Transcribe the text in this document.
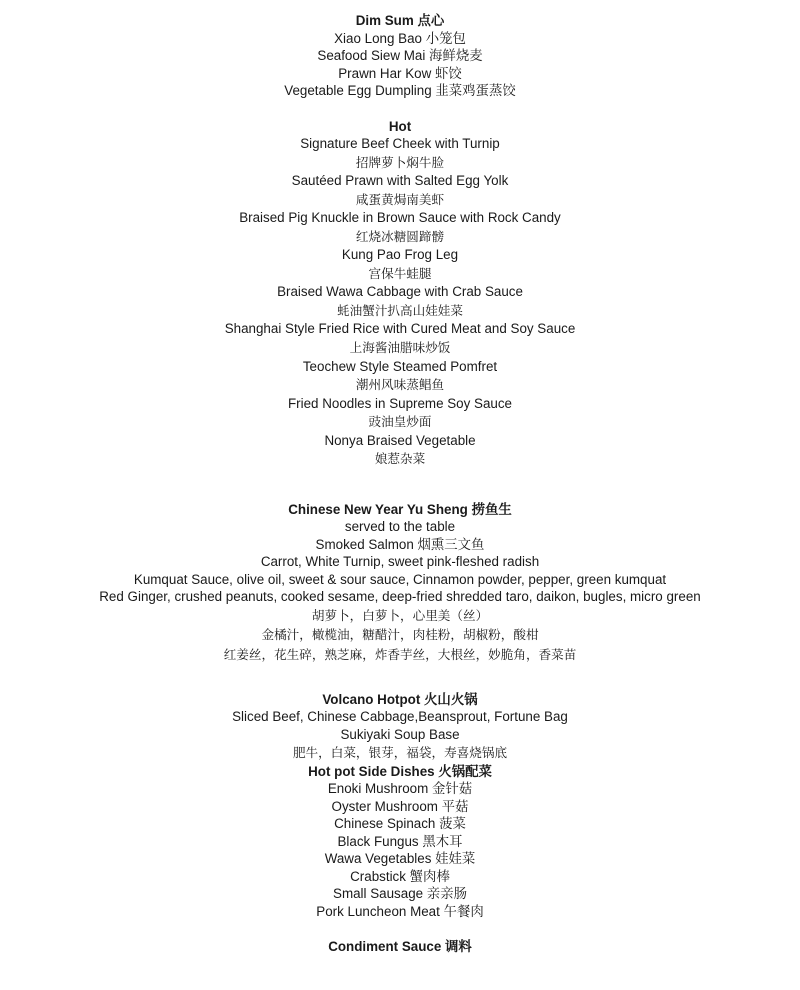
Dim Sum 点心
Xiao Long Bao 小笼包
Seafood Siew Mai 海鲜烧麦
Prawn Har Kow 虾饺
Vegetable Egg Dumpling 韭菜鸡蛋蒸饺
Hot
Signature Beef Cheek with Turnip
招牌萝卜焖牛脸
Sautéed Prawn with Salted Egg Yolk
咸蛋黄焗南美虾
Braised Pig Knuckle in Brown Sauce with Rock Candy
红烧冰糖圆蹄髈
Kung Pao Frog Leg
宫保牛蛙腿
Braised Wawa Cabbage with Crab Sauce
蚝油蟹汁扒高山娃娃菜
Shanghai Style Fried Rice with Cured Meat and Soy Sauce
上海酱油腊味炒饭
Teochew Style Steamed Pomfret
潮州风味蒸鲳鱼
Fried Noodles in Supreme Soy Sauce
豉油皇炒面
Nonya Braised Vegetable
娘惹杂菜
Chinese New Year Yu Sheng 捞鱼生
served to the table
Smoked Salmon 烟熏三文鱼
Carrot, White Turnip, sweet pink-fleshed radish
Kumquat Sauce, olive oil, sweet & sour sauce, Cinnamon powder, pepper, green kumquat
Red Ginger, crushed peanuts, cooked sesame, deep-fried shredded taro, daikon, bugles, micro green
胡萝卜，白萝卜，心里美（丝）
金橘汁，橄榄油，糖醋汁，肉桂粉，胡椒粉，酸柑
红姜丝，花生碎，熟芝麻，炸香芋丝，大根丝，妙脆角，香菜苗
Volcano Hotpot 火山火锅
Sliced Beef, Chinese Cabbage,Beansprout, Fortune Bag
Sukiyaki Soup Base
肥牛，白菜，银芽，福袋，寿喜烧锅底
Hot pot Side Dishes 火锅配菜
Enoki Mushroom 金针菇
Oyster Mushroom 平菇
Chinese Spinach 菠菜
Black Fungus 黑木耳
Wawa Vegetables 娃娃菜
Crabstick 蟹肉棒
Small Sausage 亲亲肠
Pork Luncheon Meat 午餐肉
Condiment Sauce 调料
